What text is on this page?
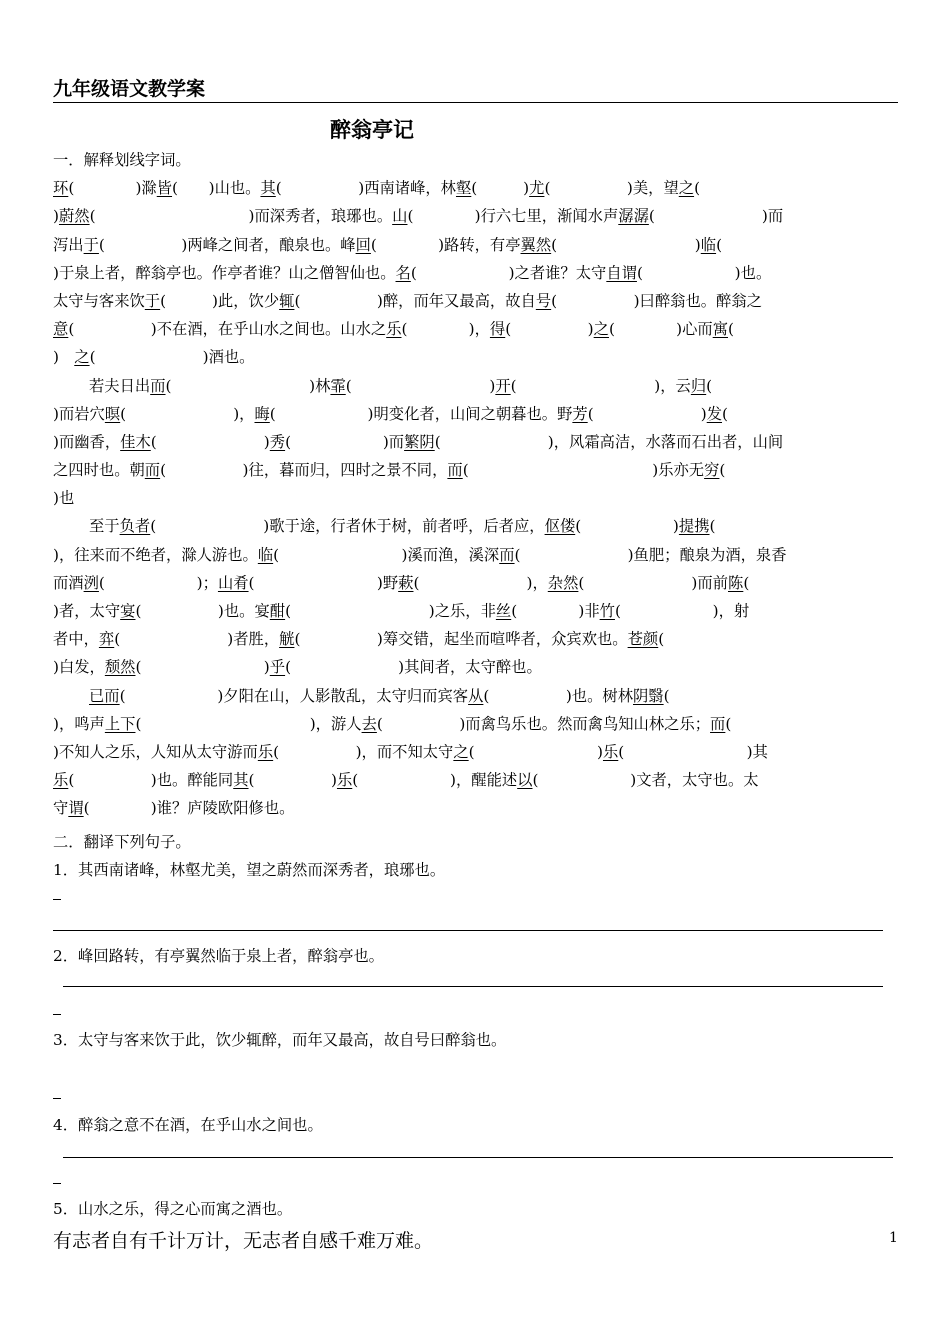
九年级语文教学案
醉翁亭记
一．解释划线字词。
环(　　　　)滁皆(　　)山也。其(　　　　　)西南诸峰，林壑(　　　)尤(　　　　　)美，望之(
)蔚然(　　　　　　　　　　)而深秀者，琅琊也。山(　　　　)行六七里，渐闻水声潺潺(　　　　　　　)而
泻出于(　　　　　)两峰之间者，酿泉也。峰回(　　　　)路转，有亭翼然(　　　　　　　　　)临(
)于泉上者，醉翁亭也。作亭者谁？山之僧智仙也。名(　　　　　　)之者谁？太守自谓(　　　　　　)也。
太守与客来饮于(　　　)此，饮少辄(　　　　　)醉，而年又最高，故自号(　　　　　)曰醉翁也。醉翁之
意(　　　　　)不在酒，在乎山水之间也。山水之乐(　　　　)，得(　　　　　)之(　　　　)心而寓(
)　之(　　　　　　　)酒也。
若夫日出而(　　　　　　　　　)林霏(　　　　　　　　　)开(　　　　　　　　　)，云归(
)而岩穴暝(　　　　　　　)，晦(　　　　　　)明变化者，山间之朝暮也。野芳(　　　　　　　)发(
)而幽香，佳木(　　　　　　　)秀(　　　　　　)而繁阴(　　　　　　　)，风霜高洁，水落而石出者，山间
之四时也。朝而(　　　　　)往，暮而归，四时之景不同，而(　　　　　　　　　　　　)乐亦无穷(
)也
至于负者(　　　　　　　)歌于途，行者休于树，前者呼，后者应，伛偻(　　　　　　)提携(
)，往来而不绝者，滁人游也。临(　　　　　　　　)溪而渔，溪深而(　　　　　　　)鱼肥；酿泉为酒，泉香
而酒洌(　　　　　　)；山肴(　　　　　　　　)野蔌(　　　　　　　)，杂然(　　　　　　　)而前陈(
)者，太守宴(　　　　　)也。宴酣(　　　　　　　　　)之乐，非丝(　　　　)非竹(　　　　　　)，射
者中，弈(　　　　　　　)者胜，觥(　　　　　)筹交错，起坐而喧哗者，众宾欢也。苍颜(
)白发，颓然(　　　　　　　　)乎(　　　　　　　)其间者，太守醉也。
已而(　　　　　　)夕阳在山，人影散乱，太守归而宾客从(　　　　　)也。树林阴翳(
)，鸣声上下(　　　　　　　　　　　)，游人去(　　　　　)而禽鸟乐也。然而禽鸟知山林之乐；而(
)不知人之乐，人知从太守游而乐(　　　　　)，而不知太守之(　　　　　　　　)乐(　　　　　　　　)其
乐(　　　　　)也。醉能同其(　　　　　)乐(　　　　　　)，醒能述以(　　　　　　)文者，太守也。太
守谓(　　　　)谁？庐陵欧阳修也。
二．翻译下列句子。
1．其西南诸峰，林壑尤美，望之蔚然而深秀者，琅琊也。
2．峰回路转，有亭翼然临于泉上者，醉翁亭也。
3．太守与客来饮于此，饮少辄醉，而年又最高，故自号曰醉翁也。
4．醉翁之意不在酒，在乎山水之间也。
5．山水之乐，得之心而寓之酒也。
有志者自有千计万计，无志者自感千难万难。	1
